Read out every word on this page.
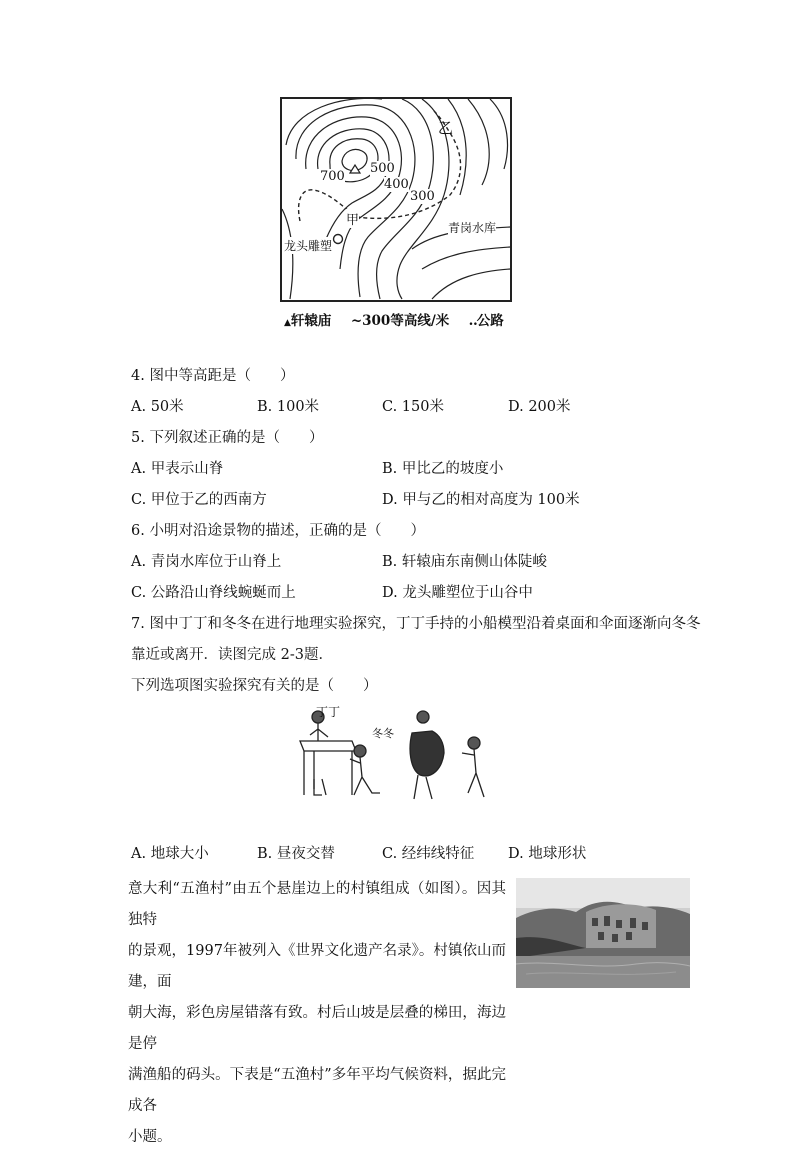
乙
700
500
400
300
甲	青岗水库
龙头雕塑
▲轩辕庙 ~300等高线/米 ‥公路
4. 图中等高距是（　　）
A. 50米	B. 100米	C. 150米	D. 200米
5. 下列叙述正确的是（　　）
A. 甲表示山脊	B. 甲比乙的坡度小
C. 甲位于乙的西南方	D. 甲与乙的相对高度为 100米
6. 小明对沿途景物的描述，正确的是（　　）
A. 青岗水库位于山脊上	B. 轩辕庙东南侧山体陡峻
C. 公路沿山脊线蜿蜒而上	D. 龙头雕塑位于山谷中
7. 图中丁丁和冬冬在进行地理实验探究，丁丁手持的小船模型沿着桌面和伞面逐渐向冬冬
靠近或离开．读图完成 2-3题．
下列选项图实验探究有关的是（　　）
丁丁
冬冬
A. 地球大小	B. 昼夜交替	C. 经纬线特征 D. 地球形状
意大利“五渔村”由五个悬崖边上的村镇组成（如图）。因其独特
的景观，1997年被列入《世界文化遗产名录》。村镇依山而建，面
朝大海，彩色房屋错落有致。村后山坡是层叠的梯田，海边是停
满渔船的码头。下表是“五渔村”多年平均气候资料，据此完成各
小题。
